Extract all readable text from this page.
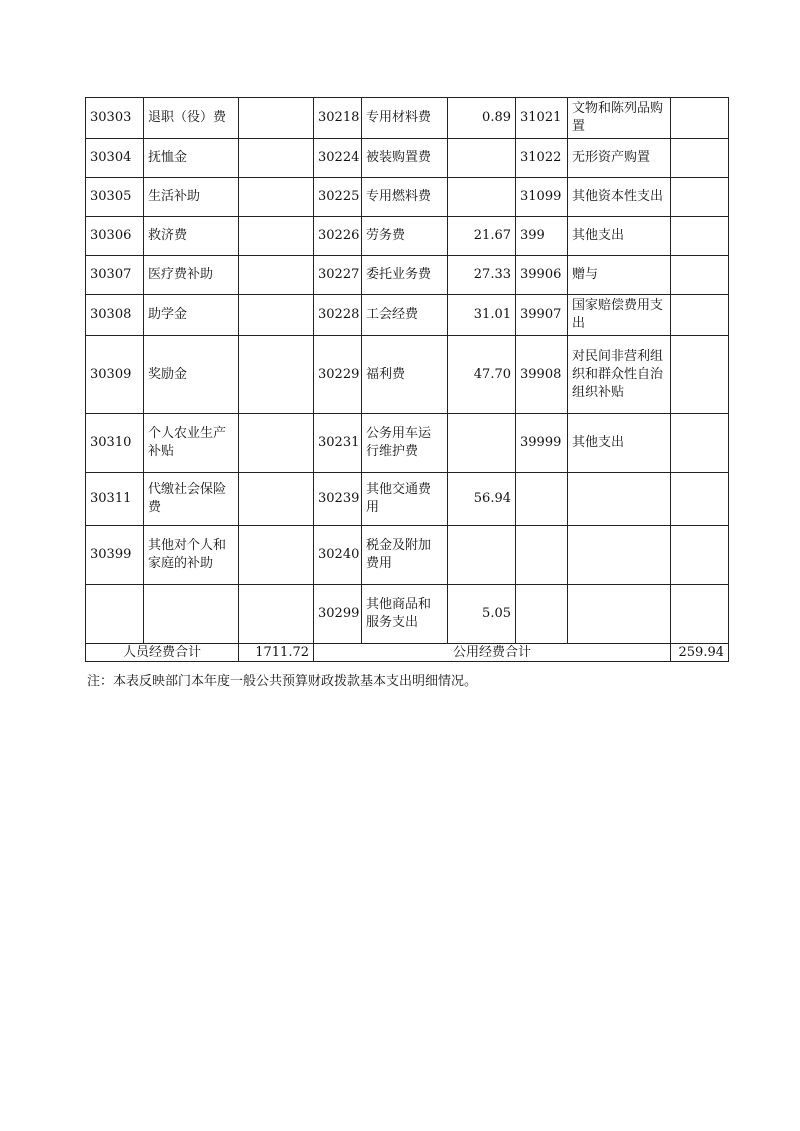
30303	退职（役）费		30218	专用材料费	0.89	31021	文物和陈列品购置	
30304	抚恤金		30224	被装购置费		31022	无形资产购置	
30305	生活补助		30225	专用燃料费		31099	其他资本性支出	
30306	救济费		30226	劳务费	21.67	399	其他支出	
30307	医疗费补助		30227	委托业务费	27.33	39906	赠与	
30308	助学金		30228	工会经费	31.01	39907	国家赔偿费用支出	
30309	奖励金		30229	福利费	47.70	39908	对民间非营利组织和群众性自治组织补贴	
30310	个人农业生产补贴		30231	公务用车运行维护费		39999	其他支出	
30311	代缴社会保险费		30239	其他交通费用	56.94			
30399	其他对个人和家庭的补助		30240	税金及附加费用				
			30299	其他商品和服务支出	5.05			
人员经费合计		1711.72	公用经费合计					259.94
注：本表反映部门本年度一般公共预算财政拨款基本支出明细情况。
